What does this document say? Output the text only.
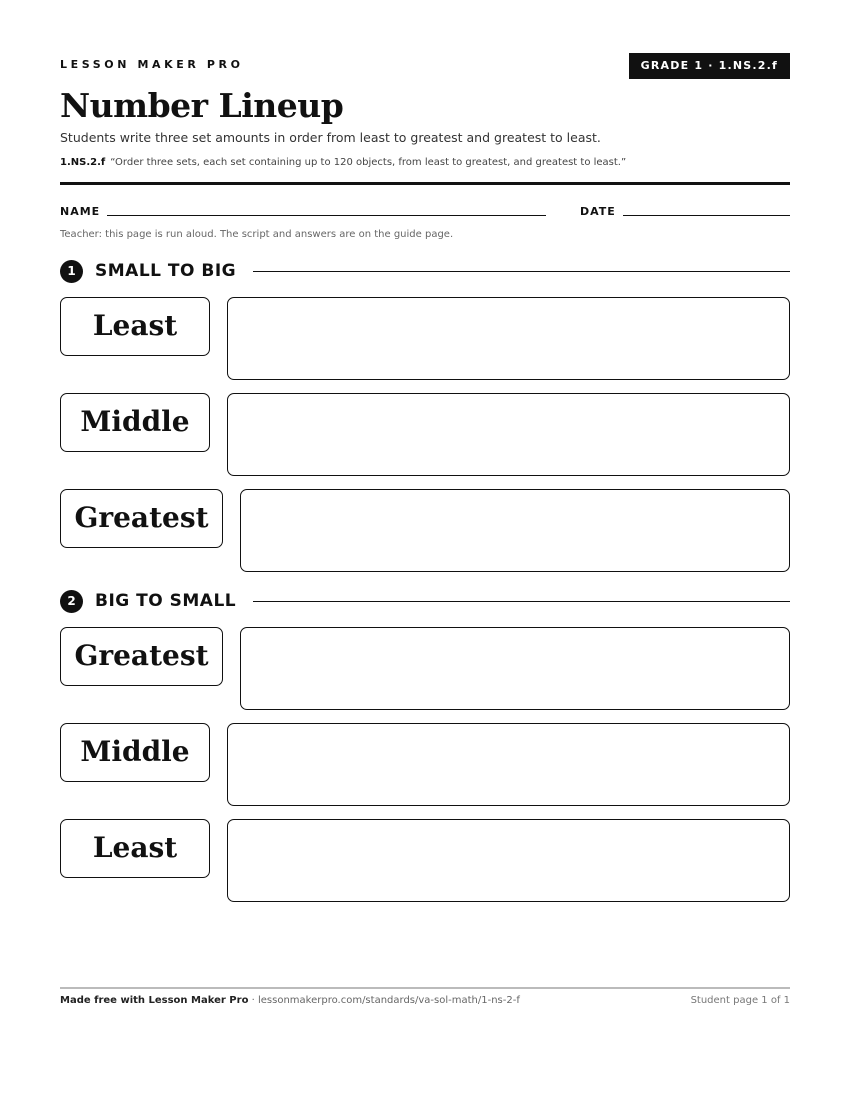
LESSON MAKER PRO	GRADE 1 · 1.NS.2.f
Number Lineup
Students write three set amounts in order from least to greatest and greatest to least.
1.NS.2.f “Order three sets, each set containing up to 120 objects, from least to greatest, and greatest to least.”
NAME	DATE
Teacher: this page is run aloud. The script and answers are on the guide page.
1	SMALL TO BIG
Least
Middle
Greatest
2	BIG TO SMALL
Greatest
Middle
Least
Made free with Lesson Maker Pro · lessonmakerpro.com/standards/va-sol-math/1-ns-2-f	Student page 1 of 1
